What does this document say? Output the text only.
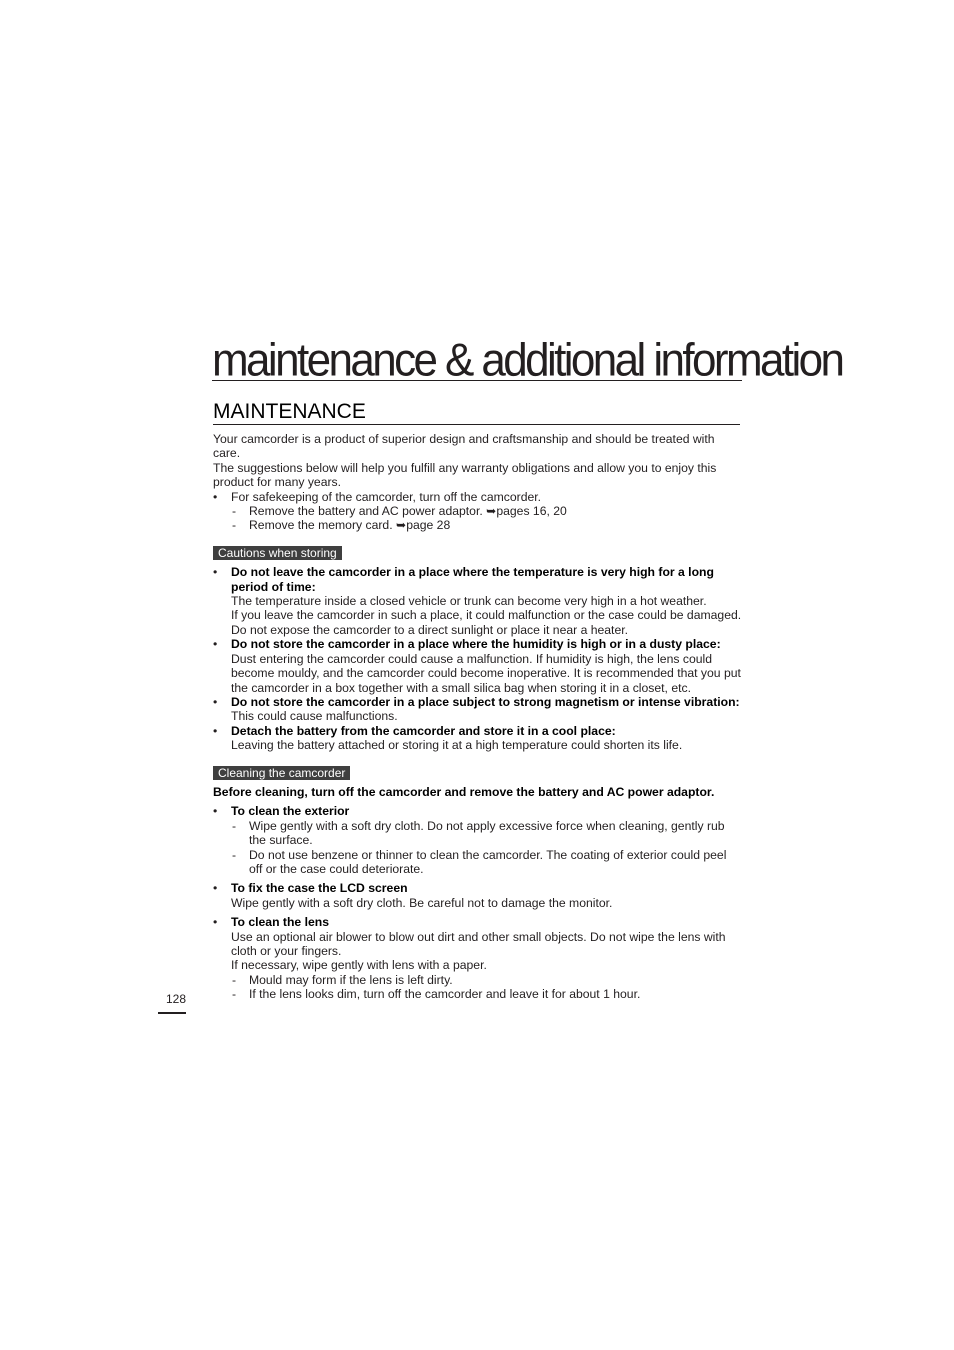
maintenance & additional information
MAINTENANCE

Your camcorder is a product of superior design and craftsmanship and should be treated with care.

The suggestions below will help you fulfill any warranty obligations and allow you to enjoy this product for many years.

• For safekeeping of the camcorder, turn off the camcorder.
- Remove the battery and AC power adaptor. ➥pages 16, 20
- Remove the memory card. ➥page 28
Cautions when storing
• Do not leave the camcorder in a place where the temperature is very high for a long period of time:
The temperature inside a closed vehicle or trunk can become very high in a hot weather.
If you leave the camcorder in such a place, it could malfunction or the case could be damaged. Do not expose the camcorder to a direct sunlight or place it near a heater.
• Do not store the camcorder in a place where the humidity is high or in a dusty place:
Dust entering the camcorder could cause a malfunction. If humidity is high, the lens could become mouldy, and the camcorder could become inoperative. It is recommended that you put the camcorder in a box together with a small silica bag when storing it in a closet, etc.
• Do not store the camcorder in a place subject to strong magnetism or intense vibration:
This could cause malfunctions.
• Detach the battery from the camcorder and store it in a cool place:
Leaving the battery attached or storing it at a high temperature could shorten its life.
Cleaning the camcorder

Before cleaning, turn off the camcorder and remove the battery and AC power adaptor.

• To clean the exterior
- Wipe gently with a soft dry cloth. Do not apply excessive force when cleaning, gently rub the surface.
- Do not use benzene or thinner to clean the camcorder. The coating of exterior could peel off or the case could deteriorate.
• To fix the case the LCD screen
Wipe gently with a soft dry cloth. Be careful not to damage the monitor.
• To clean the lens
Use an optional air blower to blow out dirt and other small objects. Do not wipe the lens with cloth or your fingers.
If necessary, wipe gently with lens with a paper.
- Mould may form if the lens is left dirty.
- If the lens looks dim, turn off the camcorder and leave it for about 1 hour.
128
